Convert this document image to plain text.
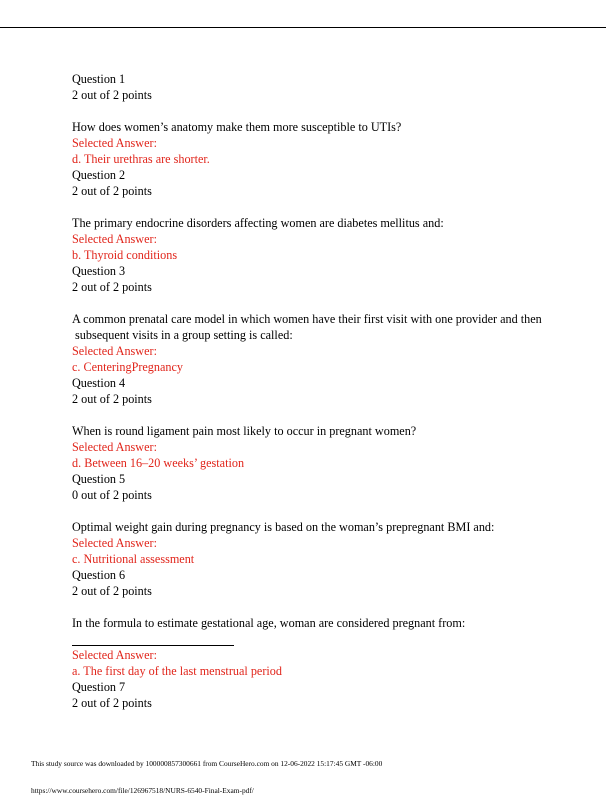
Question 1
2 out of 2 points
How does women’s anatomy make them more susceptible to UTIs?
Selected Answer:
d. Their urethras are shorter.
Question 2
2 out of 2 points
The primary endocrine disorders affecting women are diabetes mellitus and:
Selected Answer:
b. Thyroid conditions
Question 3
2 out of 2 points
A common prenatal care model in which women have their first visit with one provider and then
subsequent visits in a group setting is called:
Selected Answer:
c. CenteringPregnancy
Question 4
2 out of 2 points
When is round ligament pain most likely to occur in pregnant women?
Selected Answer:
d. Between 16–20 weeks’ gestation
Question 5
0 out of 2 points
Optimal weight gain during pregnancy is based on the woman’s prepregnant BMI and:
Selected Answer:
c. Nutritional assessment
Question 6
2 out of 2 points
In the formula to estimate gestational age, woman are considered pregnant from:
Selected Answer:
a. The first day of the last menstrual period
Question 7
2 out of 2 points
This study source was downloaded by 100000857300661 from CourseHero.com on 12-06-2022 15:17:45 GMT -06:00
https://www.coursehero.com/file/126967518/NURS-6540-Final-Exam-pdf/
